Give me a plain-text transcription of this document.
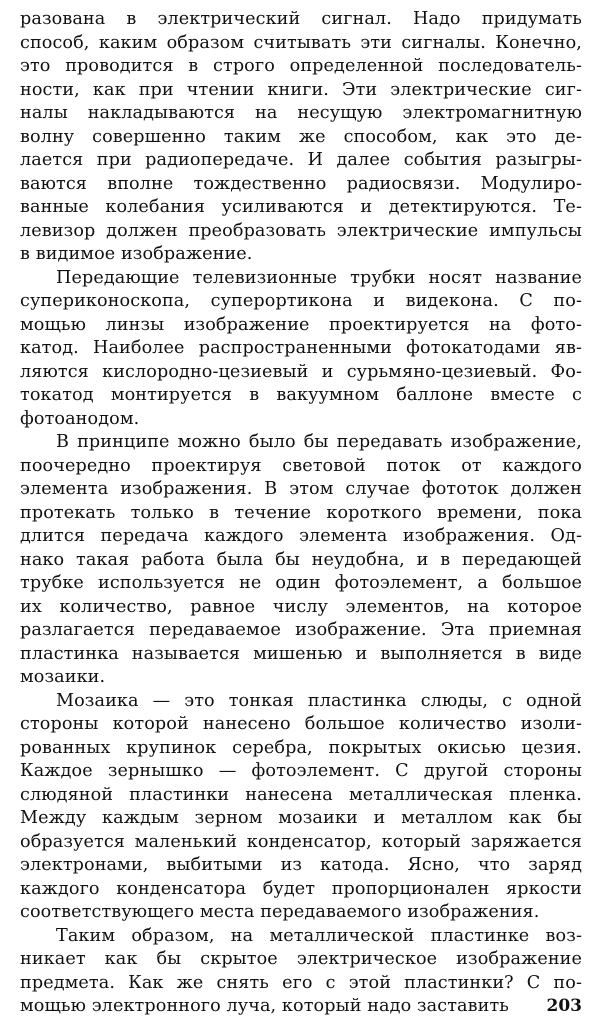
разована в электрический сигнал. Надо придумать
способ, каким образом считывать эти сигналы. Конечно,
это проводится в строго определенной последователь-
ности, как при чтении книги. Эти электрические сиг-
налы накладываются на несущую электромагнитную
волну совершенно таким же способом, как это де-
лается при радиопередаче. И далее события разыгры-
ваются вполне тождественно радиосвязи. Модулиро-
ванные колебания усиливаются и детектируются. Те-
левизор должен преобразовать электрические импульсы
в видимое изображение.
Передающие телевизионные трубки носят название
супериконоскопа, суперортикона и видекона. С по-
мощью линзы изображение проектируется на фото-
катод. Наиболее распространенными фотокатодами яв-
ляются кислородно-цезиевый и сурьмяно-цезиевый. Фо-
токатод монтируется в вакуумном баллоне вместе с
фотоанодом.
В принципе можно было бы передавать изображение,
поочередно проектируя световой поток от каждого
элемента изображения. В этом случае фототок должен
протекать только в течение короткого времени, пока
длится передача каждого элемента изображения. Од-
нако такая работа была бы неудобна, и в передающей
трубке используется не один фотоэлемент, а большое
их количество, равное числу элементов, на которое
разлагается передаваемое изображение. Эта приемная
пластинка называется мишенью и выполняется в виде
мозаики.
Мозаика — это тонкая пластинка слюды, с одной
стороны которой нанесено большое количество изоли-
рованных крупинок серебра, покрытых окисью цезия.
Каждое зернышко — фотоэлемент. С другой стороны
слюдяной пластинки нанесена металлическая пленка.
Между каждым зерном мозаики и металлом как бы
образуется маленький конденсатор, который заряжается
электронами, выбитыми из катода. Ясно, что заряд
каждого конденсатора будет пропорционален яркости
соответствующего места передаваемого изображения.
Таким образом, на металлической пластинке воз-
никает как бы скрытое электрическое изображение
предмета. Как же снять его с этой пластинки? С по-
мощью электронного луча, который надо заставить	203
